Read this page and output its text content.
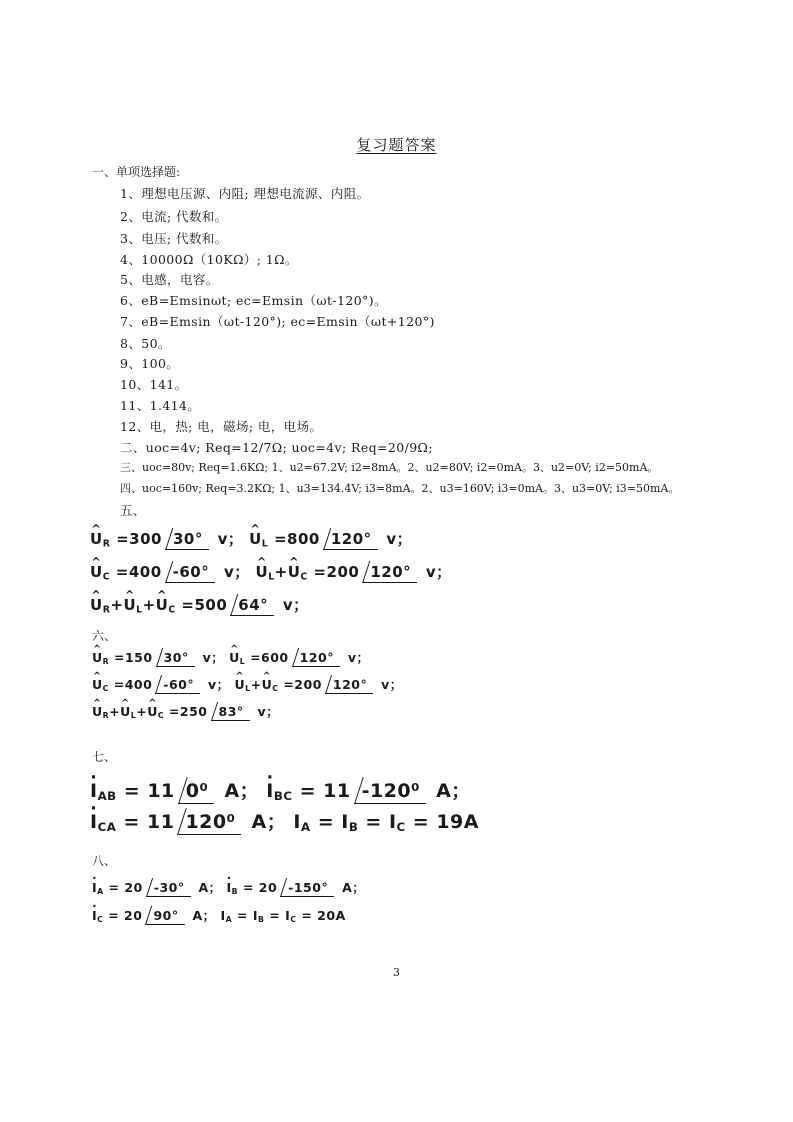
复习题答案
一、单项选择题:
1、理想电压源、内阻; 理想电流源、内阻。
2、电流; 代数和。
3、电压; 代数和。
4、10000Ω（10KΩ）; 1Ω。
5、电感，电容。
6、eB=Emsinωt; ec=Emsin（ωt-120°)。
7、eB=Emsin（ωt-120°); ec=Emsin（ωt+120°)
8、50。
9、100。
10、141。
11、1.414。
12、电，热; 电，磁场; 电，电场。
二、uoc=4v; Req=12/7Ω; uoc=4v; Req=20/9Ω;
三、uoc=80v; Req=1.6KΩ; 1、u2=67.2V; i2=8mA。2、u2=80V; i2=0mA。3、u2=0V; i2=50mA。
四、uoc=160v; Req=3.2KΩ; 1、u3=134.4V; i3=8mA。2、u3=160V; i3=0mA。3、u3=0V; i3=50mA。
五、
^ $U_R =300$ 30° v； ^ $U_L =800$ 120° v；
^ $U_C =400$ -60° v； ^ $U_L+\^{}$ $U_C =200$ 120° v；
^ $U_R+\^{}$ $U_L+\^{}$ $U_C =500$ 64° v；
六、
^ $U_R =150$ 30° v； ^ $U_L =600$ 120° v；
^ $U_C =400$ -60° v； ^ $U_L+\^{}$ $U_C =200$ 120° v；
^ $U_R+\^{}$ $U_L+\^{}$ $U_C =250$ 83° v；
七、
· $I_{AB} = 11$ 0⁰ A； · $I_{BC} = 11$ -120⁰ A；
· $I_{CA} = 11$ 120⁰ A； $I_A = I_B = I_C = 19A$
八、
· $I_A = 20$ -30° A； · $I_B = 20$ -150° A；
· $I_C = 20$ 90° A； $I_A = I_B = I_C = 20A$
3
